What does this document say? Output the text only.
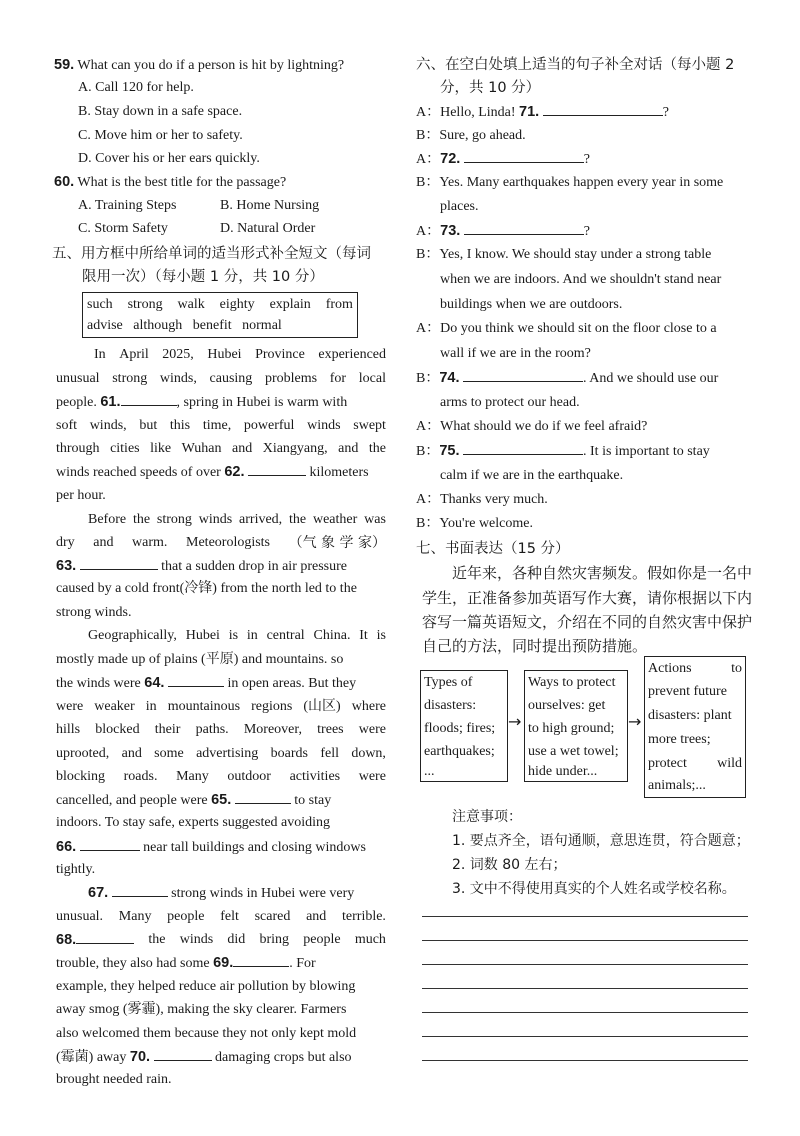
59. What can you do if a person is hit by lightning?
A. Call 120 for help.
B. Stay down in a safe space.
C. Move him or her to safety.
D. Cover his or her ears quickly.
60. What is the best title for the passage?
A. Training Steps	B. Home Nursing
C. Storm Safety	D. Natural Order
五、用方框中所给单词的适当形式补全短文（每词
限用一次）（每小题 1 分，共 10 分）
such strong walk eighty explain from
advise although benefit normal
In April 2025, Hubei Province experienced
unusual strong winds, causing problems for local
people. 61.	, spring in Hubei is warm with
soft winds, but this time, powerful winds swept
through cities like Wuhan and Xiangyang, and the
winds reached speeds of over 62.	kilometers
per hour.
Before the strong winds arrived, the weather was
dry and warm. Meteorologists （气 象 学 家）
63.	that a sudden drop in air pressure
caused by a cold front(冷锋) from the north led to the
strong winds.
Geographically, Hubei is in central China. It is
mostly made up of plains (平原) and mountains. so
the winds were 64.	in open areas. But they
were weaker in mountainous regions (山区) where
hills blocked their paths. Moreover, trees were
uprooted, and some advertising boards fell down,
blocking roads. Many outdoor activities were
cancelled, and people were 65.	to stay
indoors. To stay safe, experts suggested avoiding
66.	near tall buildings and closing windows
tightly.
67.	strong winds in Hubei were very
unusual. Many people felt scared and terrible.
68.	the winds did bring people much
trouble, they also had some 69.	. For
example, they helped reduce air pollution by blowing
away smog (雾霾), making the sky clearer. Farmers
also welcomed them because they not only kept mold
(霉菌) away 70.	damaging crops but also
brought needed rain.
六、在空白处填上适当的句子补全对话（每小题 2
分，共 10 分）
A：Hello, Linda! 71.	?
B：Sure, go ahead.
A：72.	?
B：Yes. Many earthquakes happen every year in some
places.
A：73.	?
B：Yes, I know. We should stay under a strong table
when we are indoors. And we shouldn't stand near
buildings when we are outdoors.
A：Do you think we should sit on the floor close to a
wall if we are in the room?
B：74.	. And we should use our
arms to protect our head.
A：What should we do if we feel afraid?
B：75.	. It is important to stay
calm if we are in the earthquake.
A：Thanks very much.
B：You're welcome.
七、书面表达（15 分）
近年来，各种自然灾害频发。假如你是一名中
学生，正准备参加英语写作大赛，请你根据以下内
容写一篇英语短文，介绍在不同的自然灾害中保护
自己的方法，同时提出预防措施。
Types of
disasters:
floods; fires;
earthquakes;
...
→
Ways to protect
ourselves: get
to high ground;
use a wet towel;
hide under...
→
Actions to
prevent future
disasters: plant
more trees;
protect wild
animals;...
注意事项：
1. 要点齐全，语句通顺，意思连贯，符合题意；
2. 词数 80 左右；
3. 文中不得使用真实的个人姓名或学校名称。
